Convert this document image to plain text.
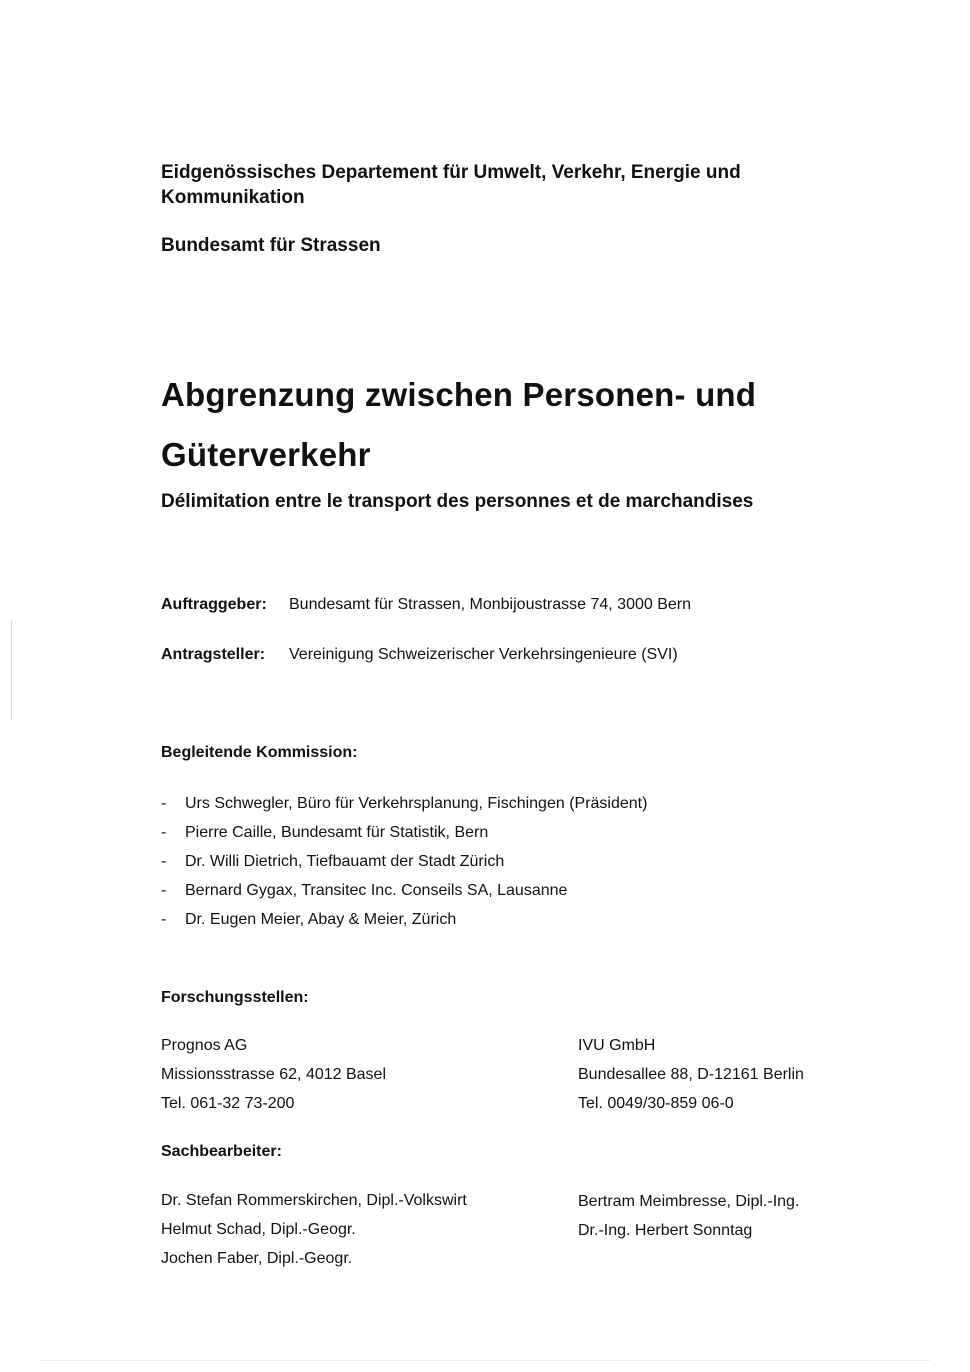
Eidgenössisches Departement für Umwelt, Verkehr, Energie und Kommunikation
Bundesamt für Strassen
Abgrenzung zwischen Personen- und Güterverkehr
Délimitation entre le transport des personnes et de marchandises
Auftraggeber: Bundesamt für Strassen, Monbijoustrasse 74, 3000 Bern
Antragsteller: Vereinigung Schweizerischer Verkehrsingenieure (SVI)
Begleitende Kommission:
- Urs Schwegler, Büro für Verkehrsplanung, Fischingen (Präsident)
- Pierre Caille, Bundesamt für Statistik, Bern
- Dr. Willi Dietrich, Tiefbauamt der Stadt Zürich
- Bernard Gygax, Transitec Inc. Conseils SA, Lausanne
- Dr. Eugen Meier, Abay & Meier, Zürich
Forschungsstellen:
Prognos AG
Missionsstrasse 62, 4012 Basel
Tel. 061-32 73-200
IVU GmbH
Bundesallee 88, D-12161 Berlin
Tel. 0049/30-859 06-0
Sachbearbeiter:
Dr. Stefan Rommerskirchen, Dipl.-Volkswirt
Helmut Schad, Dipl.-Geogr.
Jochen Faber, Dipl.-Geogr.
Bertram Meimbresse, Dipl.-Ing.
Dr.-Ing. Herbert Sonntag
